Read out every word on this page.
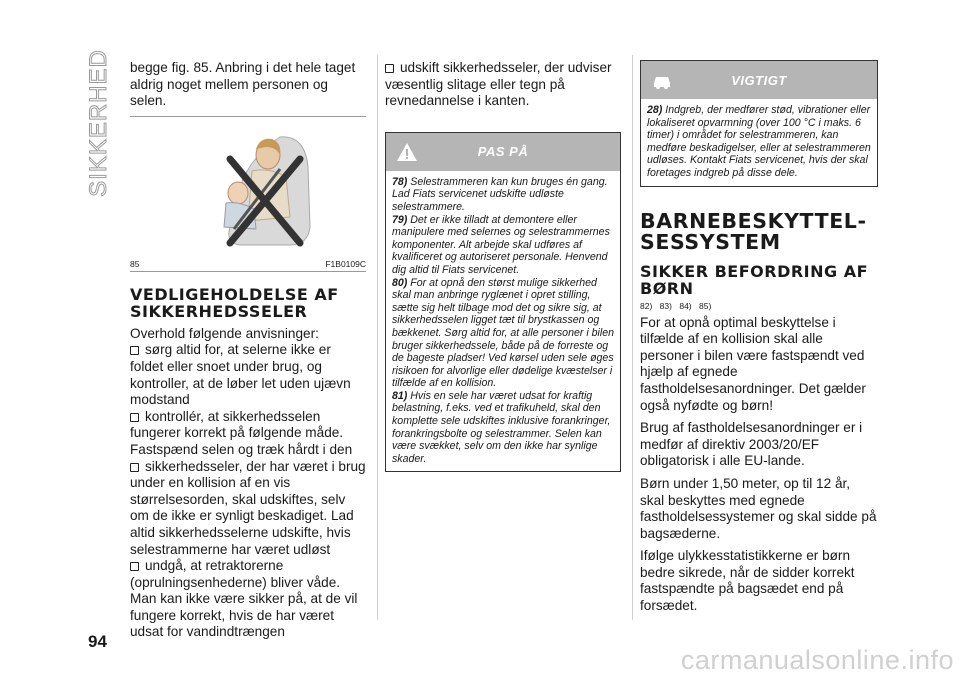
SIKKERHED begge fig. 85. Anbring i det hele taget aldrig noget mellem personen og selen.

85	F1B0109C
VEDLIGEHOLDELSE AF SIKKERHEDSSELER

Overhold følgende anvisninger:

sørg altid for, at selerne ikke er foldet eller snoet under brug, og kontroller, at de løber let uden ujævn modstand

kontrollér, at sikkerhedsselen fungerer korrekt på følgende måde. Fastspænd selen og træk hårdt i den

sikkerhedsseler, der har været i brug under en kollision af en vis størrelsesorden, skal udskiftes, selv om de ikke er synligt beskadiget. Lad altid sikkerhedsselerne udskifte, hvis selestrammerne har været udløst

undgå, at retraktorerne (oprulningsenhederne) bliver våde. Man kan ikke være sikker på, at de vil fungere korrekt, hvis de har været udsat for vandindtrængen

udskift sikkerhedsseler, der udviser væsentlig slitage eller tegn på revnedannelse i kanten.

PAS PÅ

78) Selestrammeren kan kun bruges én gang. Lad Fiats servicenet udskifte udløste selestrammere.

79) Det er ikke tilladt at demontere eller manipulere med selernes og selestrammernes komponenter. Alt arbejde skal udføres af kvalificeret og autoriseret personale. Henvend dig altid til Fiats servicenet.

80) For at opnå den størst mulige sikkerhed skal man anbringe ryglænet i opret stilling, sætte sig helt tilbage mod det og sikre sig, at sikkerhedsselen ligget tæt til brystkassen og bækkenet. Sørg altid for, at alle personer i bilen bruger sikkerhedssele, både på de forreste og de bageste pladser! Ved kørsel uden sele øges risikoen for alvorlige eller dødelige kvæstelser i tilfælde af en kollision.

81) Hvis en sele har været udsat for kraftig belastning, f.eks. ved et trafikuheld, skal den komplette sele udskiftes inklusive forankringer, forankringsbolte og selestrammer. Selen kan være svækket, selv om den ikke har synlige skader.

VIGTIGT

28) Indgreb, der medfører stød, vibrationer eller lokaliseret opvarmning (over 100 °C i maks. 6 timer) i området for selestrammeren, kan medføre beskadigelser, eller at selestrammeren udløses. Kontakt Fiats servicenet, hvis der skal foretages indgreb på disse dele.

BARNEBESKYTTEL-SESSYSTEM
SIKKER BEFORDRING AF BØRN
82) 83) 84) 85)

For at opnå optimal beskyttelse i tilfælde af en kollision skal alle personer i bilen være fastspændt ved hjælp af egnede fastholdelsesanordninger. Det gælder også nyfødte og børn!

Brug af fastholdelsesanordninger er i medfør af direktiv 2003/20/EF obligatorisk i alle EU-lande.

Børn under 1,50 meter, op til 12 år, skal beskyttes med egnede fastholdelsessystemer og skal sidde på bagsæderne.

Ifølge ulykkesstatistikkerne er børn bedre sikrede, når de sidder korrekt fastspændte på bagsædet end på forsædet.

94
carmanualsonline.info
